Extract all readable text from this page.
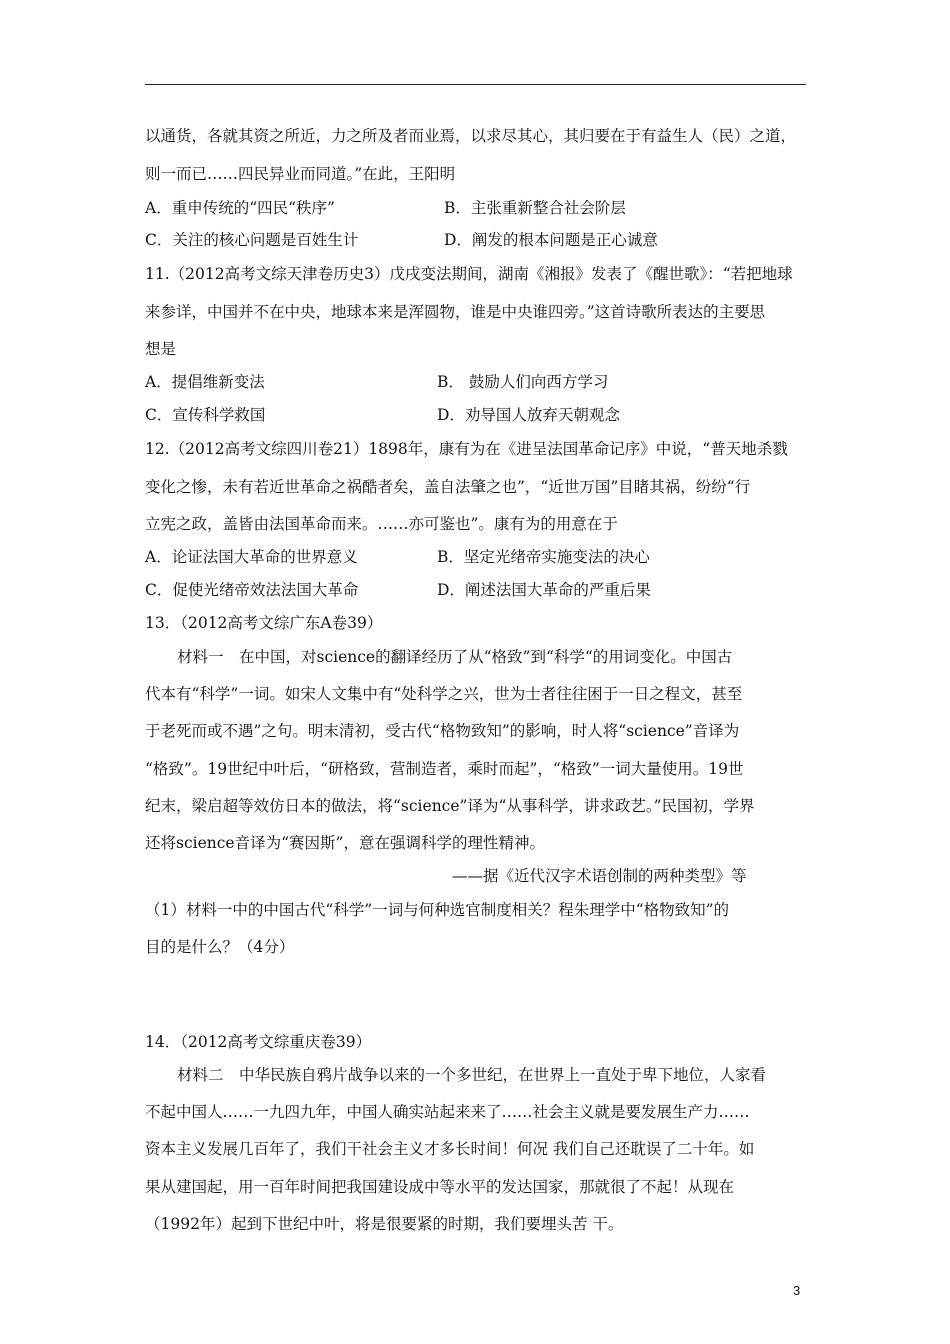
以通货，各就其资之所近，力之所及者而业焉，以求尽其心，其归要在于有益生人（民）之道，
则一而已……四民异业而同道。”在此，王阳明
A．重申传统的“四民“秩序”	B．主张重新整合社会阶层
C．关注的核心问题是百姓生计	D．阐发的根本问题是正心诚意
11.（2012高考文综天津卷历史3）戊戌变法期间，湖南《湘报》发表了《醒世歌》：“若把地球
来参详，中国并不在中央，地球本来是浑圆物，谁是中央谁四旁。”这首诗歌所表达的主要思
想是
A．提倡维新变法	B． 鼓励人们向西方学习
C．宣传科学救国	D．劝导国人放弃天朝观念
12.（2012高考文综四川卷21）1898年，康有为在《进呈法国革命记序》中说，“普天地杀戮
变化之惨，未有若近世革命之祸酷者矣，盖自法肇之也”，“近世万国”目睹其祸，纷纷“行
立宪之政，盖皆由法国革命而来。……亦可鉴也”。康有为的用意在于
A．论证法国大革命的世界意义	B．坚定光绪帝实施变法的决心
C．促使光绪帝效法法国大革命	D．阐述法国大革命的严重后果
13．（2012高考文综广东A卷39）
材料一　在中国，对science的翻译经历了从“格致”到“科学“的用词变化。中国古
代本有“科学”一词。如宋人文集中有“处科学之兴，世为士者往往困于一日之程文，甚至
于老死而或不遇”之句。明末清初，受古代“格物致知”的影响，时人将“science”音译为
“格致”。19世纪中叶后，“研格致，营制造者，乘时而起”，“格致”一词大量使用。19世
纪末，梁启超等效仿日本的做法，将“science”译为“从事科学，讲求政艺。”民国初，学界
还将science音译为“赛因斯”，意在强调科学的理性精神。
——据《近代汉字术语创制的两种类型》等
（1）材料一中的中国古代“科学”一词与何种选官制度相关？程朱理学中“格物致知”的
目的是什么？（4分）
14．（2012高考文综重庆卷39）
材料二　中华民族自鸦片战争以来的一个多世纪，在世界上一直处于卑下地位，人家看
不起中国人……一九四九年，中国人确实站起来来了……社会主义就是要发展生产力……
资本主义发展几百年了，我们干社会主义才多长时间！何况 我们自己还耽误了二十年。如
果从建国起，用一百年时间把我国建设成中等水平的发达国家，那就很了不起！从现在
（1992年）起到下世纪中叶，将是很要紧的时期，我们要埋头苦 干。
3
